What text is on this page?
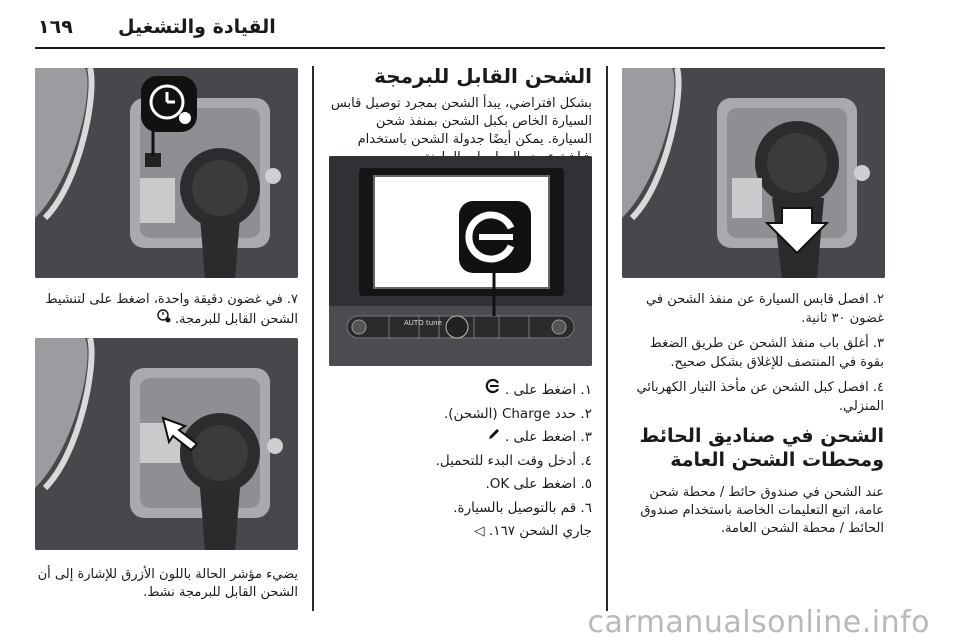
١٦٩ القيادة والتشغيل

٢. افصل قابس السيارة عن منفذ الشحن في غضون ٣٠ ثانية.

٣. أغلق باب منفذ الشحن عن طريق الضغط بقوة في المنتصف للإغلاق بشكل صحيح.

٤. افصل كبل الشحن عن مأخذ التيار الكهربائي المنزلي.

الشحن في صناديق الحائط ومحطات الشحن العامة
عند الشحن في صندوق حائط / محطة شحن عامة، اتبع التعليمات الخاصة باستخدام صندوق الحائط / محطة الشحن العامة.
الشحن القابل للبرمجة
بشكل افتراضي، يبدأ الشحن بمجرد توصيل قابس السيارة الخاص بكبل الشحن بمنفذ شحن السيارة. يمكن أيضًا جدولة الشحن باستخدام
AUTO tune

١. اضغط على .

٢. حدد Charge (الشحن).

٣. اضغط على .

٤. أدخل وقت البدء للتحميل.

٥. اضغط على OK.

٦. قم بالتوصيل بالسيارة.

جاري الشحن ١٦٧. ◁

٧. في غضون دقيقة واحدة، اضغط على لتنشيط الشحن القابل للبرمجة.
يضيء مؤشر الحالة باللون الأزرق للإشارة إلى أن الشحن القابل للبرمجة نشط.
carmanualsonline.info
